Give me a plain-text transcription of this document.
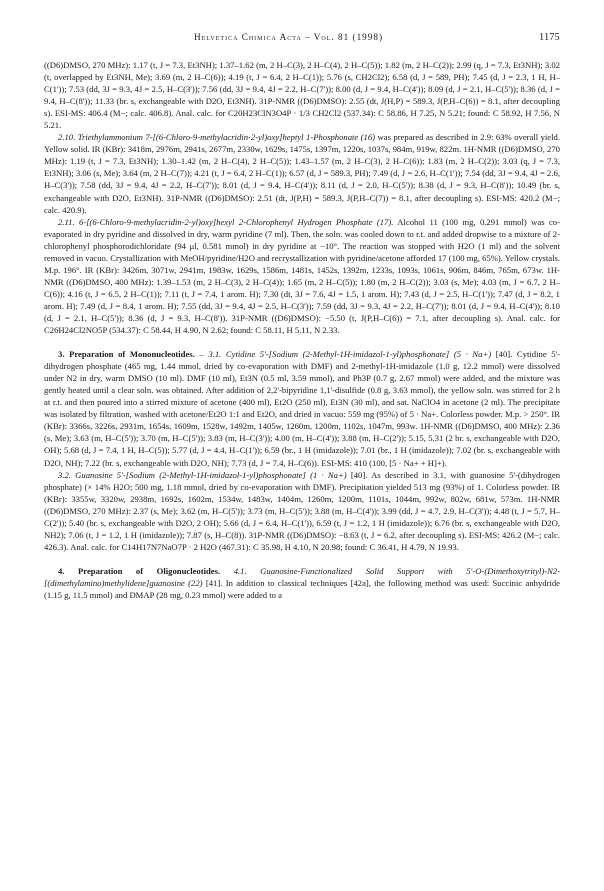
Helvetica Chimica Acta – Vol. 81 (1998)	1175

((D6)DMSO, 270 MHz): 1.17 (t, J = 7.3, Et3NH); 1.37–1.62 (m, 2 H–C(3), 2 H–C(4), 2 H–C(5)); 1.82 (m, 2 H–C(2)); 2.99 (q, J = 7.3, Et3NH); 3.02 (t, overlapped by Et3NH, Me); 3.69 (m, 2 H–C(6)); 4.19 (t, J = 6.4, 2 H–C(1)); 5.76 (s, CH2Cl2); 6.58 (d, J = 589, PH); 7.45 (d, J = 2.3, 1 H, H–C(1')); 7.53 (dd, 3J = 9.3, 4J = 2.5, H–C(3')); 7.56 (dd, 3J = 9.4, 4J = 2.2, H–C(7')); 8.00 (d, J = 9.4, H–C(4')); 8.09 (d, J = 2.1, H–C(5')); 8.36 (d, J = 9.4, H–C(8')); 11.33 (br. s, exchangeable with D2O, Et3NH). 31P-NMR ((D6)DMSO): 2.55 (dt, J(H,P) = 589.3, J(P,H–C(6)) = 8.1, after decoupling s). ESI-MS: 406.4 (M−; calc. 406.8). Anal. calc. for C20H23ClN3O4P · 1/3 CH2Cl2 (537.34): C 58.86, H 7.25, N 5.21; found: C 58.92, H 7.56, N 5.21.

2.10. Triethylammonium 7-[(6-Chloro-9-methylacridin-2-yl)oxy]heptyl 1-Phosphonate (16) was prepared as described in 2.9: 63% overall yield. Yellow solid. IR (KBr): 3418m, 2976m, 2941s, 2677m, 2330w, 1629s, 1475s, 1397m, 1220s, 1037s, 984m, 919w, 822m. 1H-NMR ((D6)DMSO, 270 MHz): 1.19 (t, J = 7.3, Et3NH); 1.30–1.42 (m, 2 H–C(4), 2 H–C(5)); 1.43–1.57 (m, 2 H–C(3), 2 H–C(6)); 1.83 (m, 2 H–C(2)); 3.03 (q, J = 7.3, Et3NH); 3.06 (s, Me); 3.64 (m, 2 H–C(7)); 4.21 (t, J = 6.4, 2 H–C(1)); 6.57 (d, J = 589.3, PH); 7.49 (d, J = 2.6, H–C(1')); 7.54 (dd, 3J = 9.4, 4J = 2.6, H–C(3')); 7.58 (dd, 3J = 9.4, 4J = 2.2, H–C(7')); 8.01 (d, J = 9.4, H–C(4')); 8.11 (d, J = 2.0, H–C(5')); 8.38 (d, J = 9.3, H–C(8')); 10.49 (br. s, exchangeable with D2O, Et3NH). 31P-NMR ((D6)DMSO): 2.51 (dt, J(P,H) = 589.3, J(P,H–C(7)) = 8.1, after decoupling s). ESI-MS: 420.2 (M−; calc. 420.9).

2.11. 6-[(6-Chloro-9-methylacridin-2-yl)oxy]hexyl 2-Chlorophenyl Hydrogen Phosphate (17). Alcohol 11 (100 mg, 0.291 mmol) was co-evaporated in dry pyridine and dissolved in dry, warm pyridine (7 ml). Then, the soln. was cooled down to r.t. and added dropwise to a mixture of 2-chlorophenyl phosphorodichloridate (94 μl, 0.581 mmol) in dry pyridine at −10°. The reaction was stopped with H2O (1 ml) and the solvent removed in vacuo. Crystallization with MeOH/pyridine/H2O and recrystallization with pyridine/acetone afforded 17 (100 mg, 65%). Yellow crystals. M.p. 196°. IR (KBr): 3426m, 3071w, 2941m, 1983w, 1629s, 1586m, 1481s, 1452s, 1392m, 1233s, 1093s, 1061s, 906m, 846m, 765m, 673w. 1H-NMR ((D6)DMSO, 400 MHz): 1.39–1.53 (m, 2 H–C(3), 2 H–C(4)); 1.65 (m, 2 H–C(5)); 1.80 (m, 2 H–C(2)); 3.03 (s, Me); 4.03 (m, J = 6.7, 2 H–C(6)); 4.16 (t, J = 6.5, 2 H–C(1)); 7.11 (t, J = 7.4, 1 arom. H); 7.30 (dt, 3J = 7.6, 4J = 1.5, 1 arom. H); 7.43 (d, J = 2.5, H–C(1')); 7.47 (d, J = 8.2, 1 arom. H); 7.49 (d, J = 8.4, 1 arom. H); 7.55 (dd, 3J = 9.4, 4J = 2.5, H–C(3')); 7.59 (dd, 3J = 9.3, 4J = 2.2, H–C(7')); 8.01 (d, J = 9.4, H–C(4')); 8.10 (d, J = 2.1, H–C(5')); 8.36 (d, J = 9.3, H–C(8')). 31P-NMR ((D6)DMSO): −5.50 (t, J(P,H–C(6)) = 7.1, after decoupling s). Anal. calc. for C26H24Cl2NO5P (534.37): C 58.44, H 4.90, N 2.62; found: C 58.11, H 5.11, N 2.33.

3. Preparation of Mononucleotides. – 3.1. Cytidine 5'-[Sodium (2-Methyl-1H-imidazol-1-yl)phosphonate] (5 · Na+) [40]. Cytidine 5'-dihydrogen phosphate (465 mg, 1.44 mmol, dried by co-evaporation with DMF) and 2-methyl-1H-imidazole (1.0 g, 12.2 mmol) were dissolved under N2 in dry, warm DMSO (10 ml). DMF (10 ml), Et3N (0.5 ml, 3.59 mmol), and Ph3P (0.7 g, 2.67 mmol) were added, and the mixture was gently heated until a clear soln. was obtained. After addition of 2,2'-bipyridine 1,1'-disulfide (0.8 g, 3.63 mmol), the yellow soln. was stirred for 2 h at r.t. and then poured into a stirred mixture of acetone (400 ml), Et2O (250 ml), Et3N (30 ml), and sat. NaClO4 in acetone (2 ml). The precipitate was isolated by filtration, washed with acetone/Et2O 1:1 and Et2O, and dried in vacuo: 559 mg (95%) of 5 · Na+. Colorless powder. M.p. > 250°. IR (KBr): 3366s, 3226s, 2931m, 1654s, 1609m, 1528w, 1492m, 1405w, 1260m, 1200m, 1102s, 1047m, 993w. 1H-NMR ((D6)DMSO, 400 MHz): 2.36 (s, Me); 3.63 (m, H–C(5')); 3.70 (m, H–C(5')); 3.83 (m, H–C(3')); 4.00 (m, H–C(4')); 3.88 (m, H–C(2')); 5.15, 5.31 (2 br. s, exchangeable with D2O, OH); 5.68 (d, J = 7.4, 1 H, H–C(5)); 5.77 (d, J = 4.4, H–C(1')); 6.59 (br., 1 H (imidazole)); 7.01 (br., 1 H (imidazole)); 7.02 (br. s, exchangeable with D2O, NH); 7.22 (br. s, exchangeable with D2O, NH); 7.73 (d, J = 7.4, H–C(6)). ESI-MS: 410 (100, [5 · Na+ + H]+).

3.2. Guanosine 5'-[Sodium (2-Methyl-1H-imidazol-1-yl)phosphonate] (1 · Na+) [40]. As described in 3.1, with guanosine 5'-(dihydrogen phosphate) (× 14% H2O; 500 mg, 1.18 mmol, dried by co-evaporation with DMF). Precipitation yielded 513 mg (93%) of 1. Colorless powder. IR (KBr): 3355w, 3320w, 2938m, 1692s, 1602m, 1534w, 1483w, 1404m, 1260m, 1200m, 1101s, 1044m, 992w, 802w, 681w, 573m. 1H-NMR ((D6)DMSO, 270 MHz): 2.37 (s, Me); 3.62 (m, H–C(5')); 3.73 (m, H–C(5')); 3.88 (m, H–C(4')); 3.99 (dd, J = 4.7, 2.9, H–C(3')); 4.48 (t, J = 5.7, H–C(2')); 5.40 (br. s, exchangeable with D2O, 2 OH); 5.66 (d, J = 6.4, H–C(1')), 6.59 (t, J = 1.2, 1 H (imidazole)); 6.76 (br. s, exchangeable with D2O, NH2); 7.06 (t, J = 1.2, 1 H (imidazole)); 7.87 (s, H–C(8)). 31P-NMR ((D6)DMSO): −8.63 (t, J = 6.2, after decoupling s). ESI-MS: 426.2 (M−; calc. 426.3). Anal. calc. for C14H17N7NaO7P · 2 H2O (467.31): C 35.98, H 4.10, N 20.98; found: C 36.41, H 4.79, N 19.93.

4. Preparation of Oligonucleotides. 4.1. Guanosine-Functionalized Solid Support with 5'-O-(Dimethoxytrityl)-N2-[(dimethylamino)methylidene]guanosine (22) [41]. In addition to classical techniques [42a], the following method was used: Succinic anhydride (1.15 g, 11.5 mmol) and DMAP (28 mg, 0.23 mmol) were added to a
